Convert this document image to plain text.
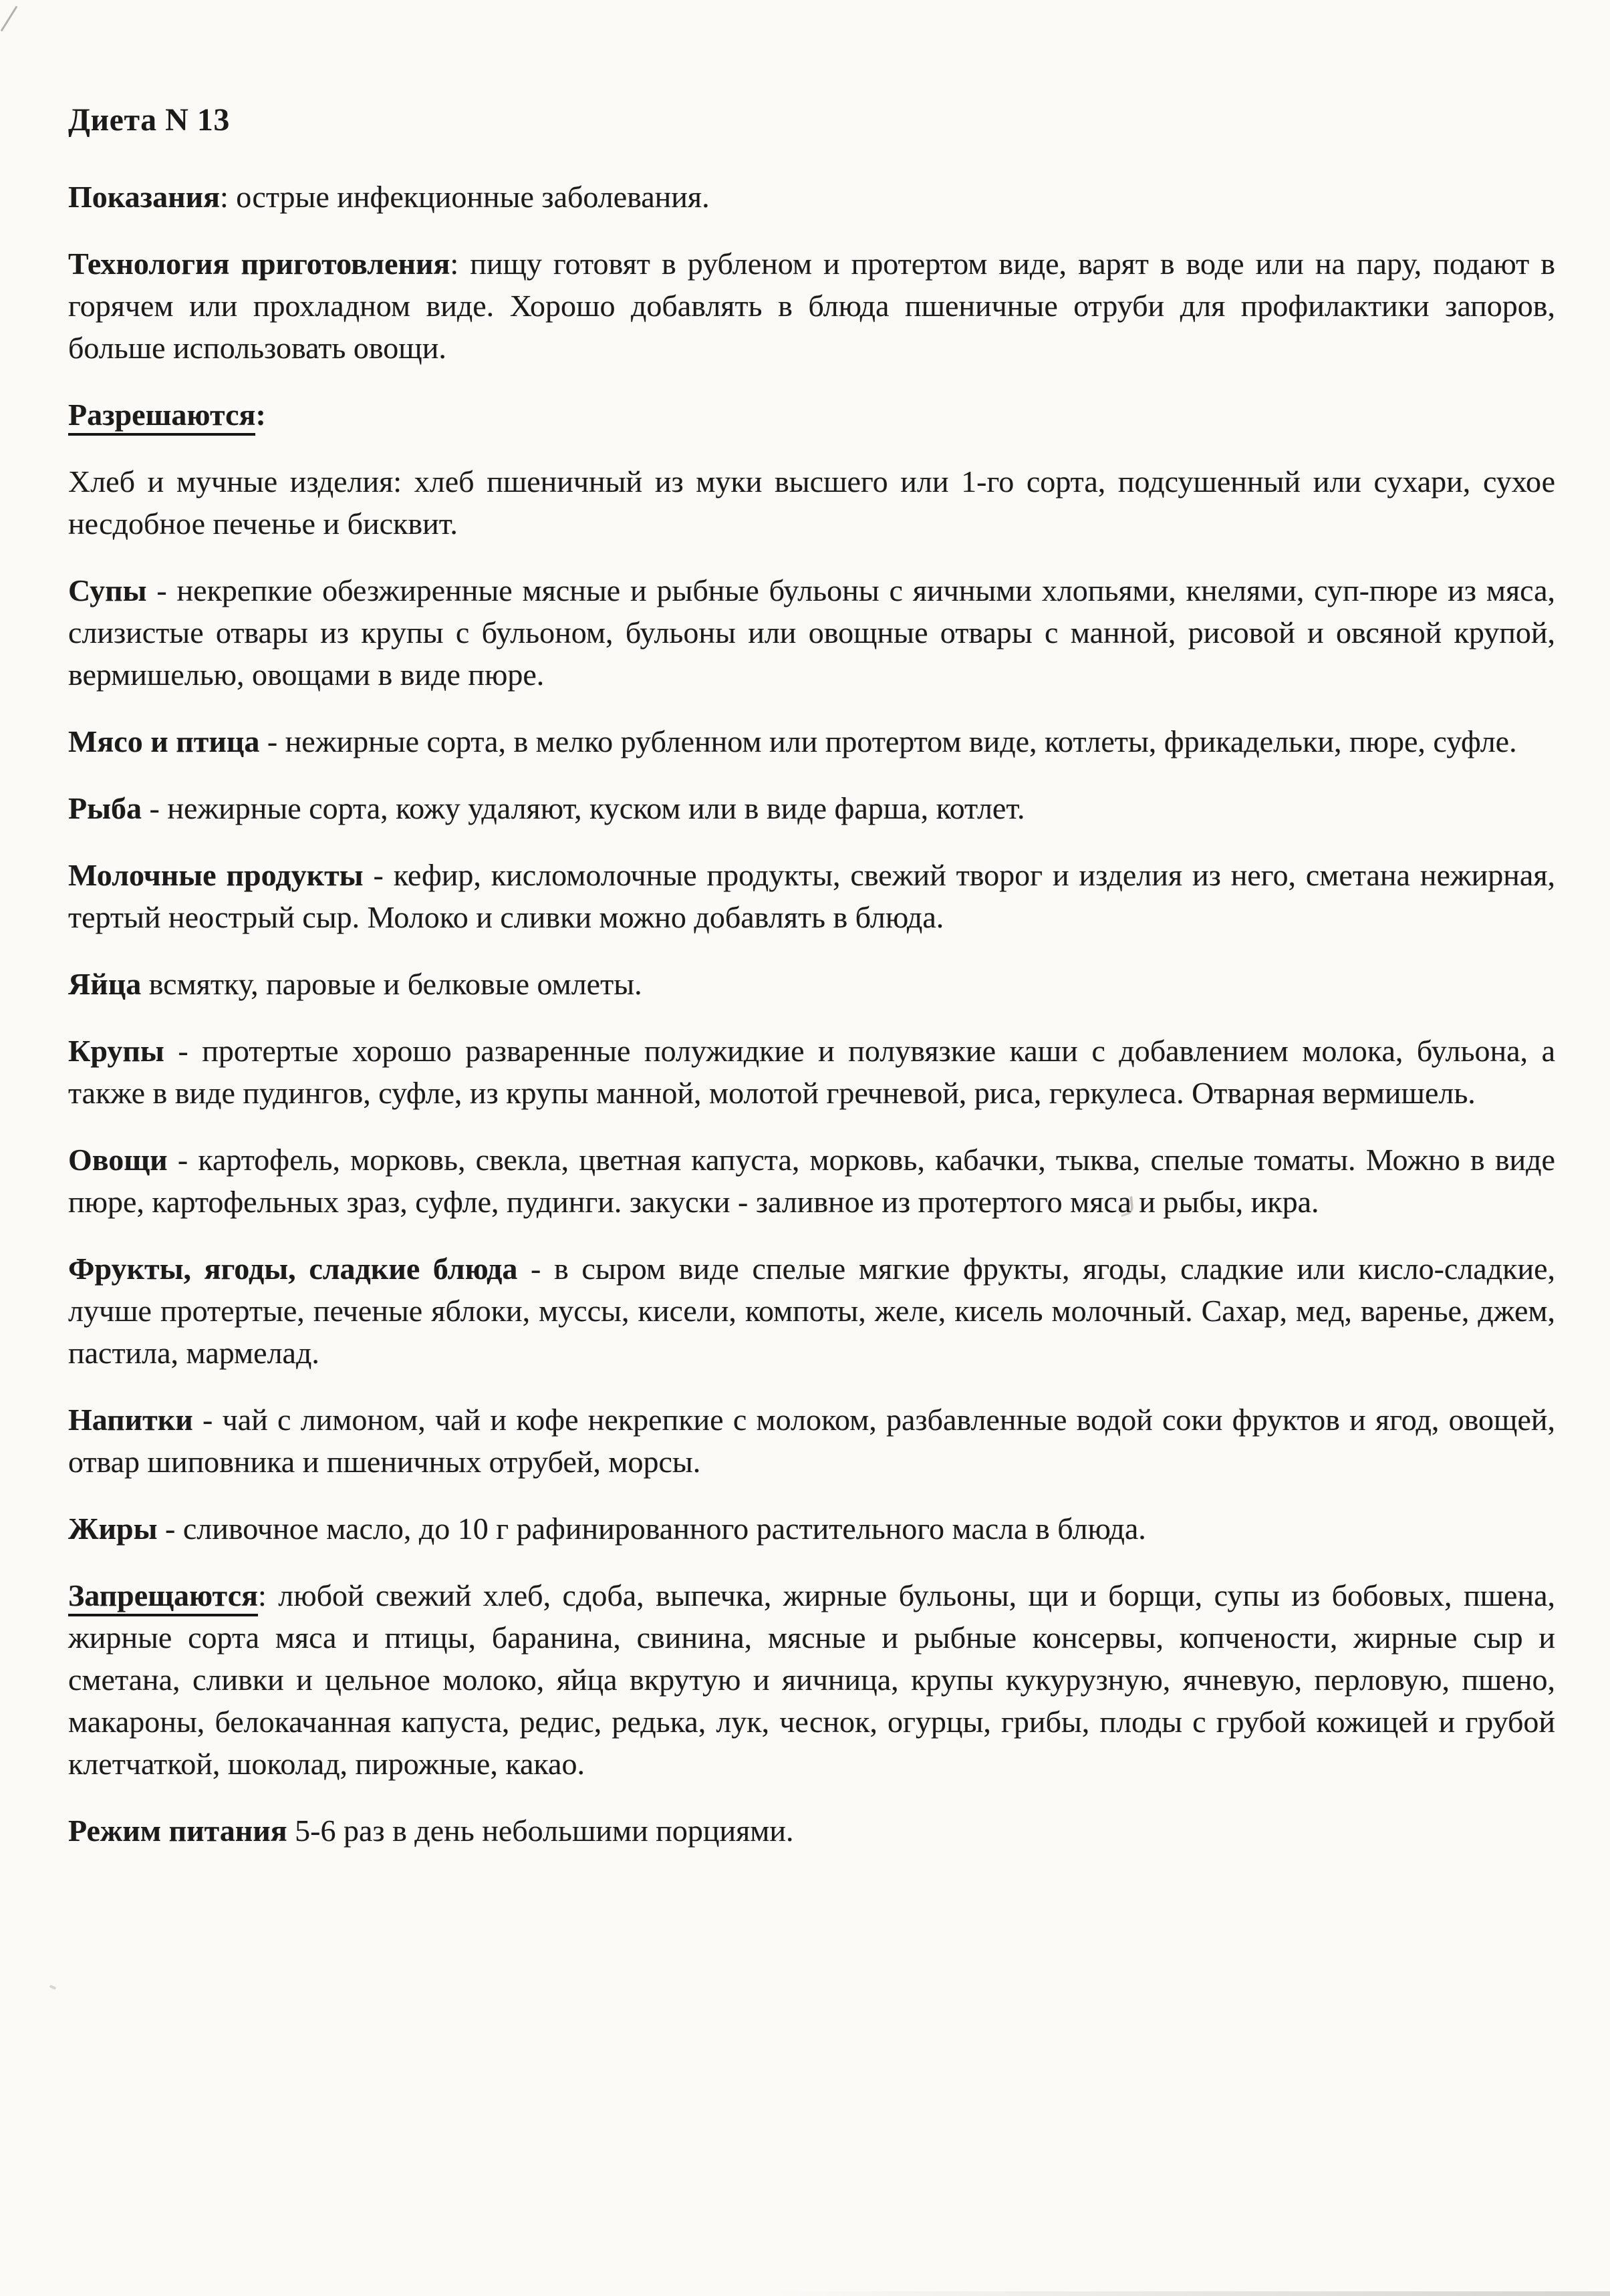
Диета N 13

Показания: острые инфекционные заболевания.

Технология приготовления: пищу готовят в рубленом и протертом виде, варят в воде или на пару, подают в горячем или прохладном виде. Хорошо добавлять в блюда пшеничные отруби для профилактики запоров, больше использовать овощи.

Разрешаются:

Хлеб и мучные изделия: хлеб пшеничный из муки высшего или 1-го сорта, подсушенный или сухари, сухое несдобное печенье и бисквит.

Супы - некрепкие обезжиренные мясные и рыбные бульоны с яичными хлопьями, кнелями, суп-пюре из мяса, слизистые отвары из крупы с бульоном, бульоны или овощные отвары с манной, рисовой и овсяной крупой, вермишелью, овощами в виде пюре.

Мясо и птица - нежирные сорта, в мелко рубленном или протертом виде, котлеты, фрикадельки, пюре, суфле.

Рыба - нежирные сорта, кожу удаляют, куском или в виде фарша, котлет.

Молочные продукты - кефир, кисломолочные продукты, свежий творог и изделия из него, сметана нежирная, тертый неострый сыр. Молоко и сливки можно добавлять в блюда.

Яйца всмятку, паровые и белковые омлеты.

Крупы - протертые хорошо разваренные полужидкие и полувязкие каши с добавлением молока, бульона, а также в виде пудингов, суфле, из крупы манной, молотой гречневой, риса, геркулеса. Отварная вермишель.

Овощи - картофель, морковь, свекла, цветная капуста, морковь, кабачки, тыква, спелые томаты. Можно в виде пюре, картофельных зраз, суфле, пудинги. закуски - заливное из протертого мяса и рыбы, икра.

Фрукты, ягоды, сладкие блюда - в сыром виде спелые мягкие фрукты, ягоды, сладкие или кисло-сладкие, лучше протертые, печеные яблоки, муссы, кисели, компоты, желе, кисель молочный. Сахар, мед, варенье, джем, пастила, мармелад.

Напитки - чай с лимоном, чай и кофе некрепкие с молоком, разбавленные водой соки фруктов и ягод, овощей, отвар шиповника и пшеничных отрубей, морсы.

Жиры - сливочное масло, до 10 г рафинированного растительного масла в блюда.

Запрещаются: любой свежий хлеб, сдоба, выпечка, жирные бульоны, щи и борщи, супы из бобовых, пшена, жирные сорта мяса и птицы, баранина, свинина, мясные и рыбные консервы, копчености, жирные сыр и сметана, сливки и цельное молоко, яйца вкрутую и яичница, крупы кукурузную, ячневую, перловую, пшено, макароны, белокачанная капуста, редис, редька, лук, чеснок, огурцы, грибы, плоды с грубой кожицей и грубой клетчаткой, шоколад, пирожные, какао.

Режим питания 5-6 раз в день небольшими порциями.
